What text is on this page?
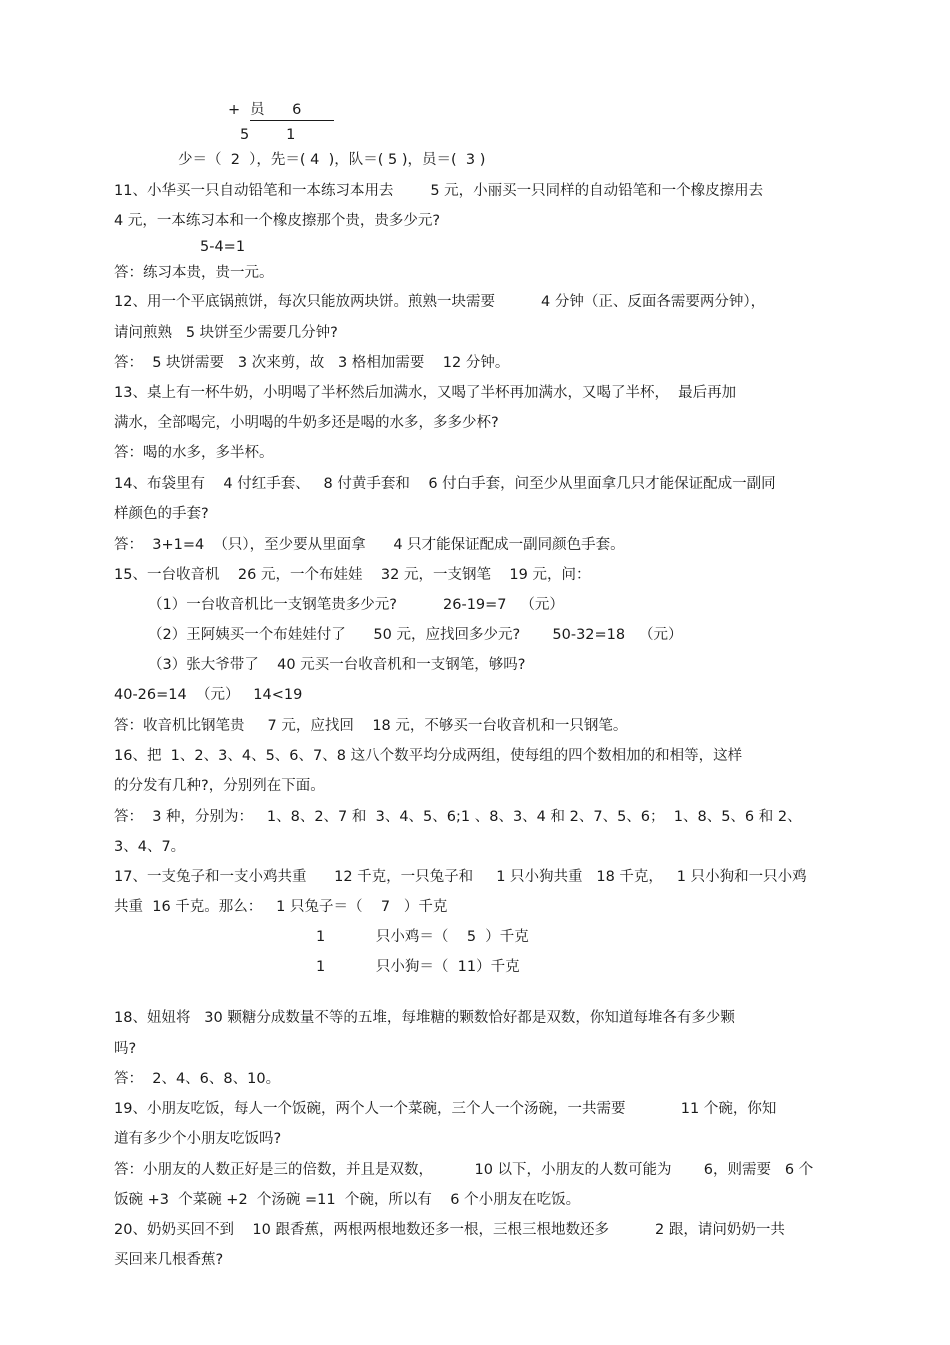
+ 员      6
5        1
少＝（  2  ），先＝( 4  )，队＝( 5 )，员＝(  3 )
11、小华买一只自动铅笔和一本练习本用去        5 元，小丽买一只同样的自动铅笔和一个橡皮擦用去
4 元，一本练习本和一个橡皮擦那个贵，贵多少元?
5-4=1
答：练习本贵，贵一元。
12、用一个平底锅煎饼，每次只能放两块饼。煎熟一块需要          4 分钟（正、反面各需要两分钟），
请问煎熟   5 块饼至少需要几分钟?
答：  5 块饼需要   3 次来剪，故   3 格相加需要    12 分钟。
13、桌上有一杯牛奶，小明喝了半杯然后加满水，又喝了半杯再加满水，又喝了半杯，  最后再加
满水，全部喝完，小明喝的牛奶多还是喝的水多，多多少杯?
答：喝的水多，多半杯。
14、布袋里有    4 付红手套、   8 付黄手套和    6 付白手套，问至少从里面拿几只才能保证配成一副同
样颜色的手套?
答：  3+1=4  （只），至少要从里面拿      4 只才能保证配成一副同颜色手套。
15、一台收音机    26 元，一个布娃娃    32 元，一支钢笔    19 元，问：
（1）一台收音机比一支钢笔贵多少元?          26-19=7   （元）
（2）王阿姨买一个布娃娃付了      50 元，应找回多少元?       50-32=18   （元）
（3）张大爷带了    40 元买一台收音机和一支钢笔，够吗?
40-26=14  （元）   14<19
答：收音机比钢笔贵     7 元，应找回    18 元，不够买一台收音机和一只钢笔。
16、把  1、2、3、4、5、6、7、8 这八个数平均分成两组，使每组的四个数相加的和相等，这样
的分发有几种?，分别列在下面。
答：  3 种，分别为：   1、8、2、7 和  3、4、5、6;1 、8、3、4 和 2、7、5、6；  1、8、5、6 和 2、
3、4、7。
17、一支兔子和一支小鸡共重      12 千克，一只兔子和     1 只小狗共重   18 千克，   1 只小狗和一只小鸡
共重  16 千克。那么：   1 只兔子＝（    7   ）千克
1           只小鸡＝（    5  ）千克
1           只小狗＝（  11）千克
18、妞妞将   30 颗糖分成数量不等的五堆，每堆糖的颗数恰好都是双数，你知道每堆各有多少颗
吗?
答：  2、4、6、8、10。
19、小朋友吃饭，每人一个饭碗，两个人一个菜碗，三个人一个汤碗，一共需要            11 个碗，你知
道有多少个小朋友吃饭吗?
答：小朋友的人数正好是三的倍数，并且是双数，         10 以下，小朋友的人数可能为       6，则需要   6 个
饭碗 +3  个菜碗 +2  个汤碗 =11  个碗，所以有    6 个小朋友在吃饭。
20、奶奶买回不到    10 跟香蕉，两根两根地数还多一根，三根三根地数还多          2 跟，请问奶奶一共
买回来几根香蕉?
